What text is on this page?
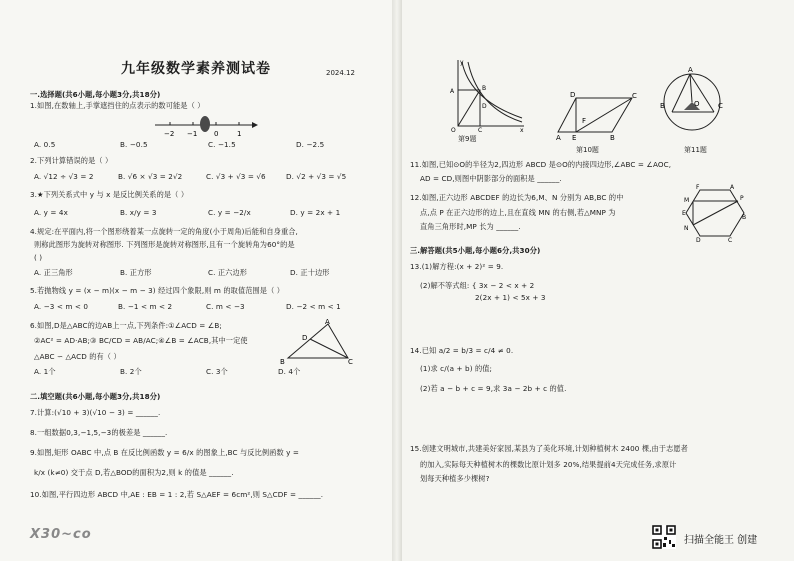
九年级数学素养测试卷	2024.12
一.选择题(共6小题,每小题3分,共18分)
1.如图,在数轴上,手掌遮挡住的点表示的数可能是（ ）
−2 −1 0	1
A. 0.5	B. −0.5	C. −1.5	D. −2.5
2.下列计算错误的是（ ）
A. √12 ÷ √3 = 2	B. √6 × √3 = 2√2	C. √3 + √3 = √6	D. √2 + √3 = √5
3.★下列关系式中 y 与 x 是反比例关系的是（ ）
A. y = 4x	B. x/y = 3	C. y = −2/x	D. y = 2x + 1
4.规定:在平面内,将一个图形绕着某一点旋转一定的角度(小于周角)后能和自身重合,
则称此图形为旋转对称图形. 下列图形是旋转对称图形,且有一个旋转角为60°的是
( )
A. 正三角形	B. 正方形	C. 正六边形	D. 正十边形
5.若抛物线 y = (x − m)(x − m − 3) 经过四个象限,则 m 的取值范围是（ ）
A. −3 < m < 0	B. −1 < m < 2	C. m < −3	D. −2 < m < 1
6.如图,D是△ABC的边AB上一点,下列条件:①∠ACD = ∠B;
②AC² = AD·AB;③ BC/CD = AB/AC;④∠B = ∠ACB,其中一定使
△ABC ∽ △ACD 的有（ ）
A. 1个	B. 2个	C. 3个	D. 4个
A
D
B	C
二.填空题(共6小题,每小题3分,共18分)
7.计算:(√10 + 3)(√10 − 3) = ______.
8.一组数据0,3,−1,5,−3的极差是 ______.
9.如图,矩形 OABC 中,点 B 在反比例函数 y = 6/x 的图象上,BC 与反比例函数 y =
k/x (k≠0) 交于点 D,若△BOD的面积为2,则 k 的值是 ______.
10.如图,平行四边形 ABCD 中,AE : EB = 1 : 2,若 S△AEF = 6cm²,则 S△CDF = ______.
X30~co
y
A
D
B
O	C	x
第9题
D	C
F
A E	B
第10题
A
B	O	C
第11题
11.如图,已知⊙O的半径为2,四边形 ABCD 是⊙O的内接四边形,∠ABC = ∠AOC,
AD = CD,则图中阴影部分的面积是 ______.
12.如图,正六边形 ABCDEF 的边长为6,M、N 分别为 AB,BC 的中
点,点 P 在正六边形的边上,且在直线 MN 的右侧,若△MNP 为
直角三角形时,MP 长为 ______.
F	A
P
M
E
B
N
C
D
三.解答题(共5小题,每小题6分,共30分)
13.(1)解方程:(x + 2)² = 9.
(2)解不等式组: { 3x − 2 < x + 2
2(2x + 1) < 5x + 3
14.已知 a/2 = b/3 = c/4 ≠ 0.
(1)求 c/(a + b) 的值;
(2)若 a − b + c = 9,求 3a − 2b + c 的值.
15.创建文明城市,共建美好家园,某县为了美化环境,计划种植树木 2400 棵,由于志愿者
的加入,实际每天种植树木的棵数比原计划多 20%,结果提前4天完成任务,求原计
划每天种植多少棵树?
扫描全能王 创建
